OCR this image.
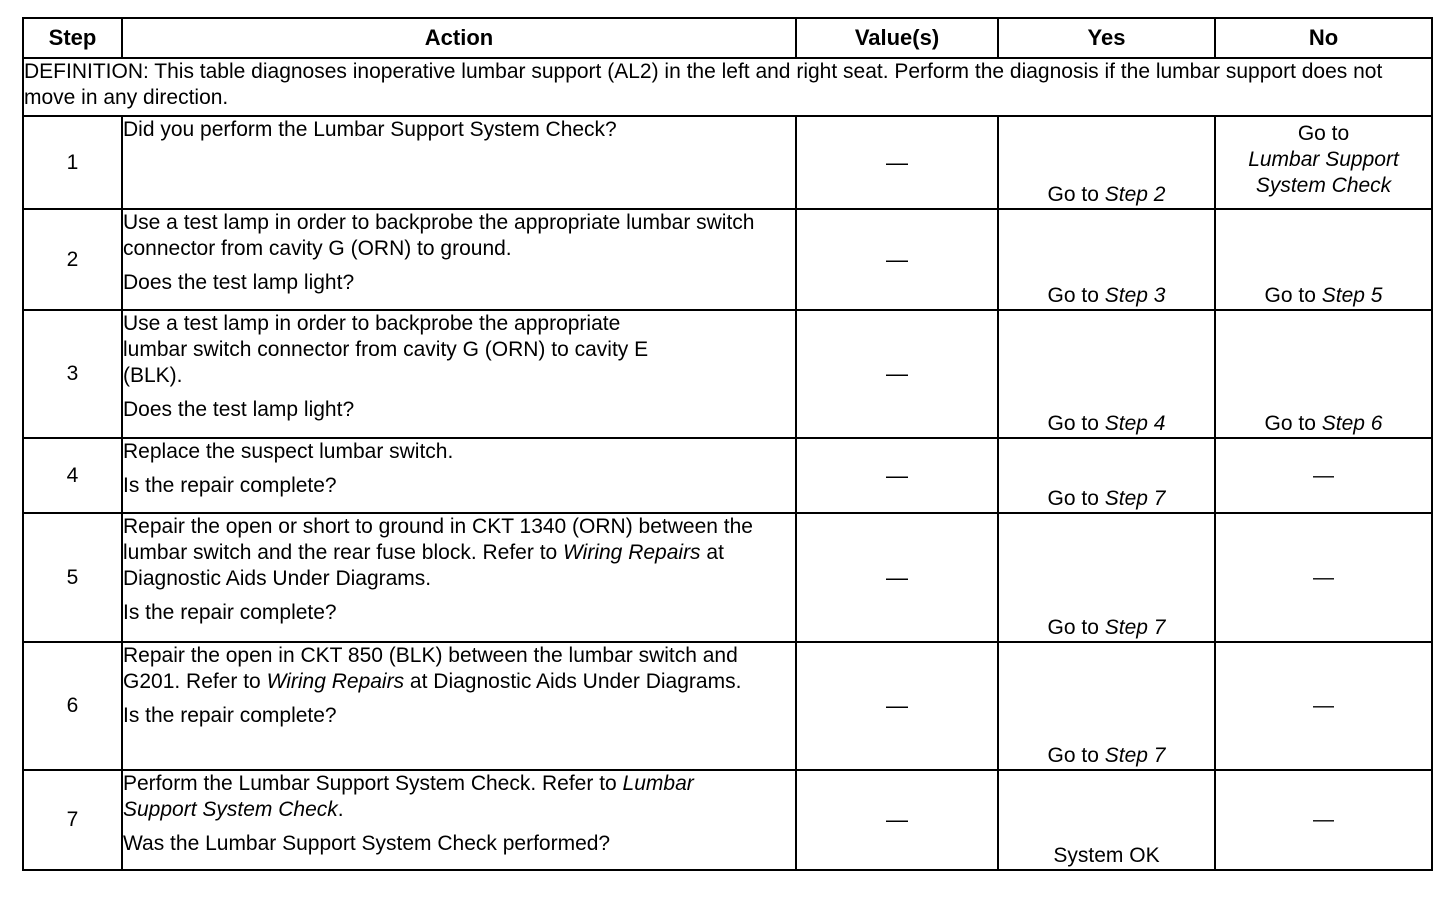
Step	Action	Value(s)	Yes	No
DEFINITION: This table diagnoses inoperative lumbar support (AL2) in the left and right seat. Perform the diagnosis if the lumbar support does not move in any direction.				
1	Did you perform the Lumbar Support System Check?	—	Go to Step 2	Go to
Lumbar Support System Check
2	Use a test lamp in order to backprobe the appropriate lumbar switch connector from cavity G (ORN) to ground.
Does the test lamp light?	—	Go to Step 3	Go to Step 5
3	Use a test lamp in order to backprobe the appropriate lumbar switch connector from cavity G (ORN) to cavity E (BLK).
Does the test lamp light?	—	Go to Step 4	Go to Step 6
4	Replace the suspect lumbar switch.
Is the repair complete?	—	Go to Step 7	—
5	Repair the open or short to ground in CKT 1340 (ORN) between the lumbar switch and the rear fuse block. Refer to Wiring Repairs at Diagnostic Aids Under Diagrams.
Is the repair complete?	—	Go to Step 7	—
6	Repair the open in CKT 850 (BLK) between the lumbar switch and G201. Refer to Wiring Repairs at Diagnostic Aids Under Diagrams.
Is the repair complete?	—	Go to Step 7	—
7	Perform the Lumbar Support System Check. Refer to Lumbar Support System Check.
Was the Lumbar Support System Check performed?	—	System OK	—
